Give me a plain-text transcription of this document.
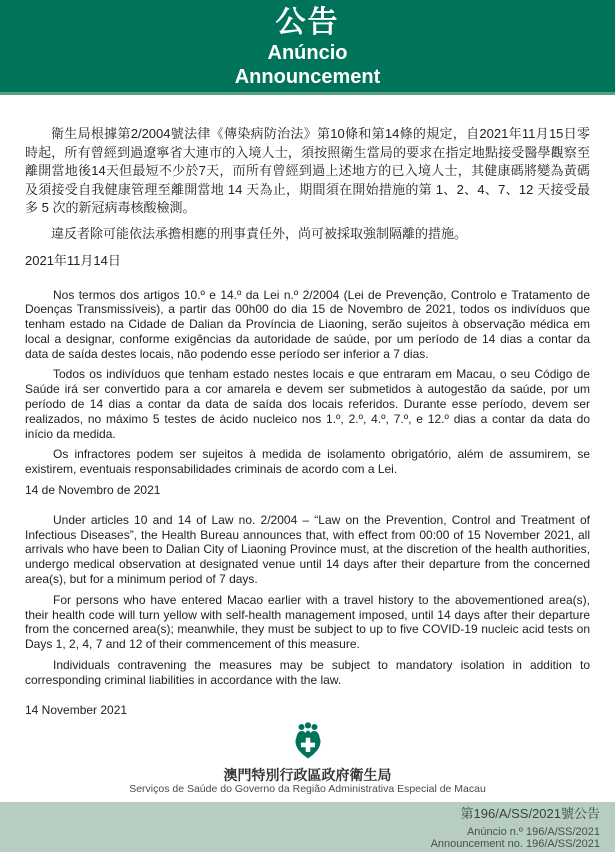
公告
Anúncio
Announcement

衛生局根據第2/2004號法律《傳染病防治法》第10條和第14條的規定，自2021年11月15日零時起，所有曾經到過遼寧省大連市的入境人士，須按照衛生當局的要求在指定地點接受醫學觀察至離開當地後14天但最短不少於7天，而所有曾經到過上述地方的已入境人士，其健康碼將變為黃碼及須接受自我健康管理至離開當地 14 天為止，期間須在開始措施的第 1、2、4、7、12 天接受最多 5 次的新冠病毒核酸檢測。

違反者除可能依法承擔相應的刑事責任外，尚可被採取強制隔離的措施。

2021年11月14日

Nos termos dos artigos 10.º e 14.º da Lei n.º 2/2004 (Lei de Prevenção, Controlo e Tratamento de Doenças Transmissíveis), a partir das 00h00 do dia 15 de Novembro de 2021, todos os indivíduos que tenham estado na Cidade de Dalian da Província de Liaoning, serão sujeitos à observação médica em local a designar, conforme exigências da autoridade de saúde, por um período de 14 dias a contar da data de saída destes locais, não podendo esse período ser inferior a 7 dias.

Todos os indivíduos que tenham estado nestes locais e que entraram em Macau, o seu Código de Saúde irá ser convertido para a cor amarela e devem ser submetidos à autogestão da saúde, por um período de 14 dias a contar da data de saída dos locais referidos. Durante esse período, devem ser realizados, no máximo 5 testes de ácido nucleico nos 1.º, 2.º, 4.º, 7.º, e 12.º dias a contar da data do início da medida.

Os infractores podem ser sujeitos à medida de isolamento obrigatório, além de assumirem, se existirem, eventuais responsabilidades criminais de acordo com a Lei.

14 de Novembro de 2021

Under articles 10 and 14 of Law no. 2/2004 – “Law on the Prevention, Control and Treatment of Infectious Diseases”, the Health Bureau announces that, with effect from 00:00 of 15 November 2021, all arrivals who have been to Dalian City of Liaoning Province must, at the discretion of the health authorities, undergo medical observation at designated venue until 14 days after their departure from the concerned area(s), but for a minimum period of 7 days.

For persons who have entered Macao earlier with a travel history to the abovementioned area(s), their health code will turn yellow with self-health management imposed, until 14 days after their departure from the concerned area(s); meanwhile, they must be subject to up to five COVID-19 nucleic acid tests on Days 1, 2, 4, 7 and 12 of their commencement of this measure.

Individuals contravening the measures may be subject to mandatory isolation in addition to corresponding criminal liabilities in accordance with the law.

14 November 2021

澳門特別行政區政府衛生局
Serviços de Saúde do Governo da Região Administrativa Especial de Macau
第196/A/SS/2021號公告
Anúncio n.º 196/A/SS/2021
Announcement no. 196/A/SS/2021
